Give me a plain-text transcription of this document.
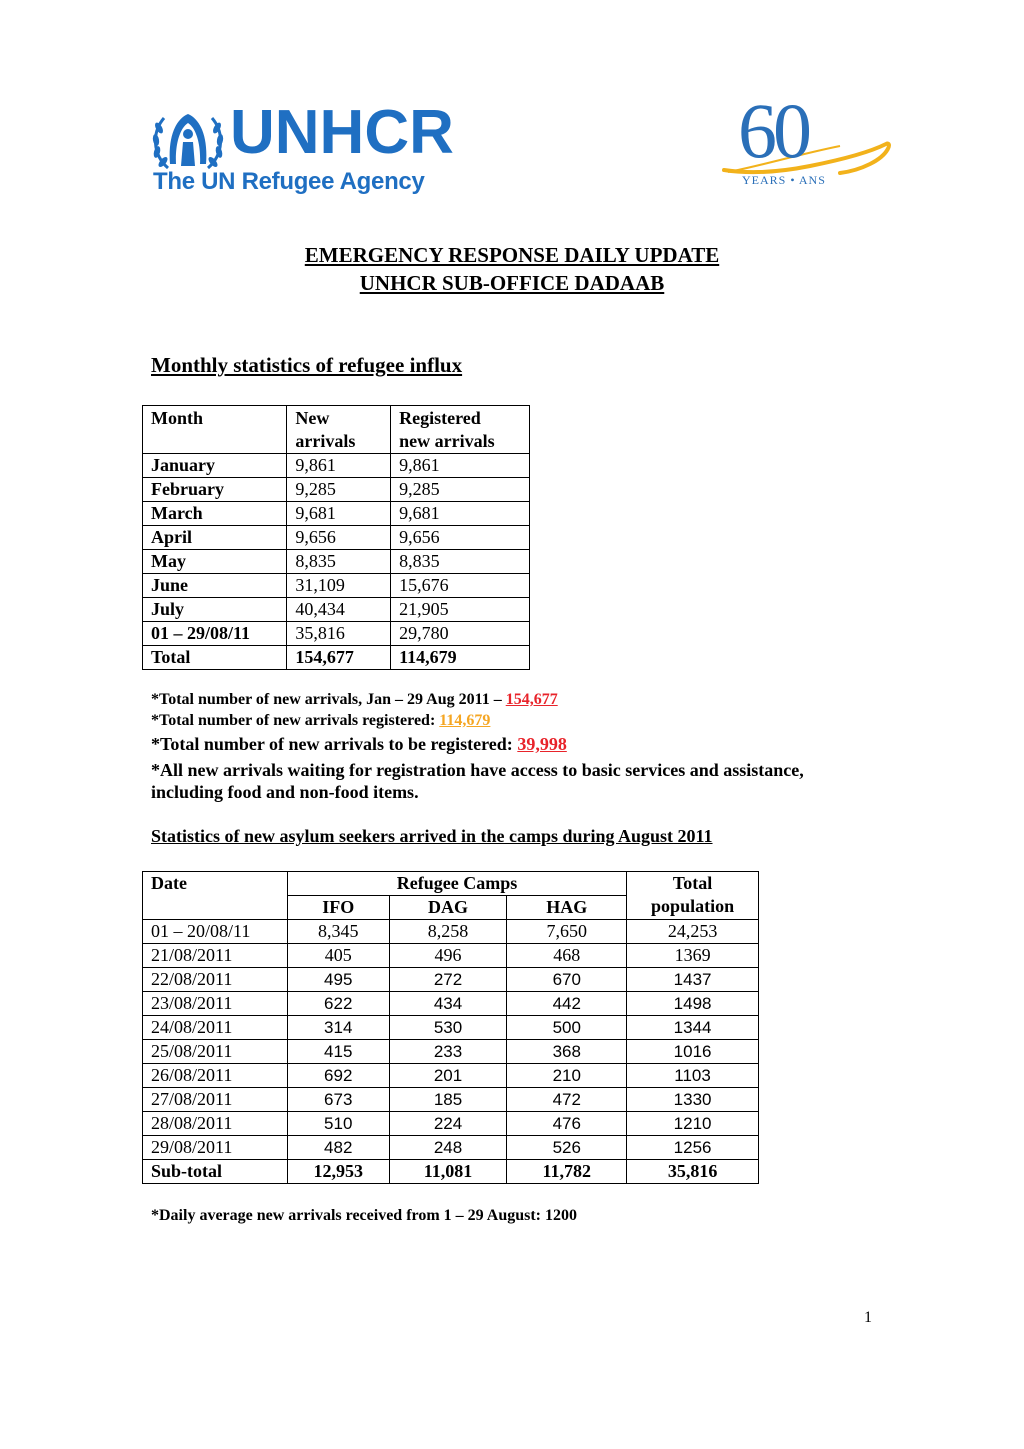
UNHCR
The UN Refugee Agency
60
YEARS • ANS
EMERGENCY RESPONSE DAILY UPDATE
UNHCR SUB-OFFICE DADAAB
Monthly statistics of refugee influx
Month	New arrivals	Registered new arrivals

January	9,861	9,861
February	9,285	9,285
March	9,681	9,681
April	9,656	9,656
May	8,835	8,835
June	31,109	15,676
July	40,434	21,905
01 – 29/08/11	35,816	29,780
Total	154,677	114,679
*Total number of new arrivals, Jan – 29 Aug 2011 – 154,677
*Total number of new arrivals registered: 114,679
*Total number of new arrivals to be registered: 39,998
*All new arrivals waiting for registration have access to basic services and assistance, including food and non-food items.
Statistics of new asylum seekers arrived in the camps during August 2011
Date	Refugee Camps			Total
population

	IFO	DAG	HAG	
01 – 20/08/11	8,345	8,258	7,650	24,253
21/08/2011	405	496	468	1369
22/08/2011	495	272	670	1437
23/08/2011	622	434	442	1498
24/08/2011	314	530	500	1344
25/08/2011	415	233	368	1016
26/08/2011	692	201	210	1103
27/08/2011	673	185	472	1330
28/08/2011	510	224	476	1210
29/08/2011	482	248	526	1256
Sub-total	12,953	11,081	11,782	35,816
*Daily average new arrivals received from 1 – 29 August: 1200
1
